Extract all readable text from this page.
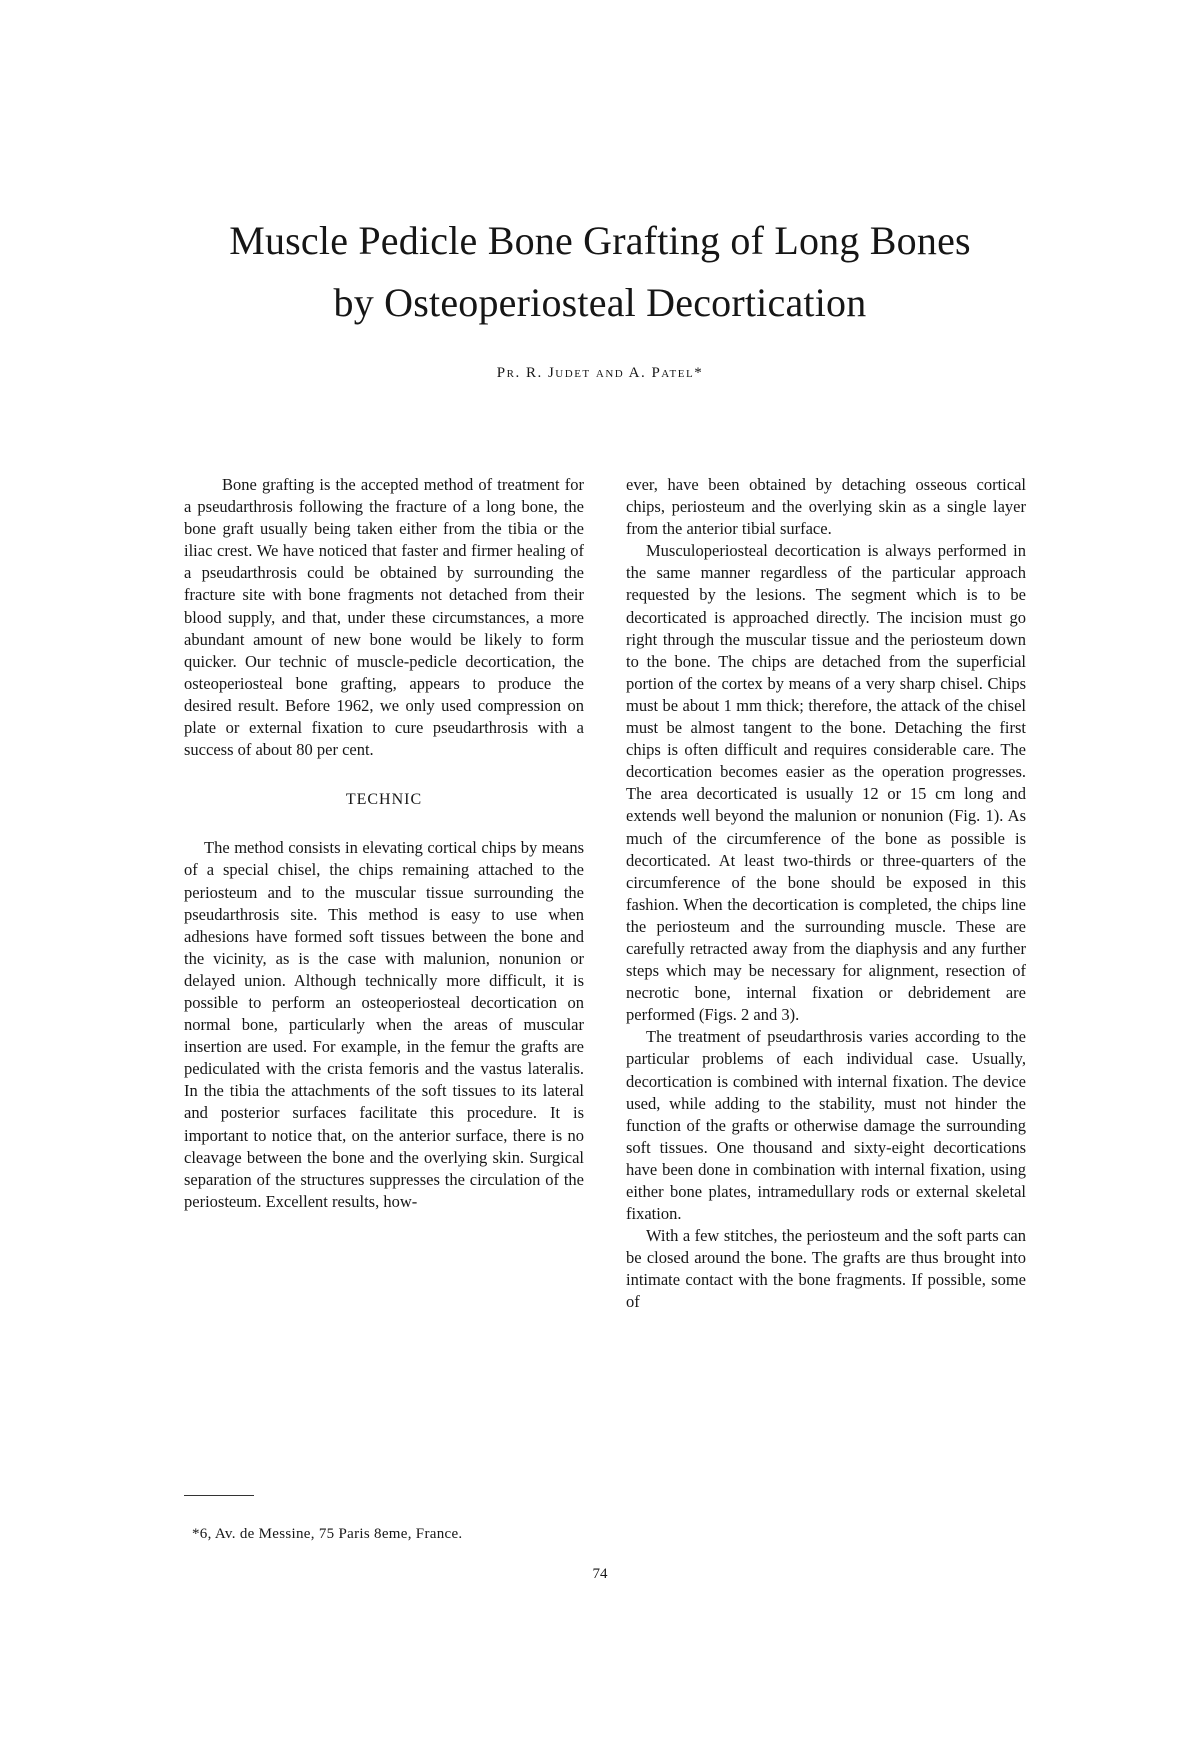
Muscle Pedicle Bone Grafting of Long Bones
by Osteoperiosteal Decortication
Pr. R. Judet and A. Patel*

Bone grafting is the accepted method of treatment for a pseudarthrosis following the fracture of a long bone, the bone graft usually being taken either from the tibia or the iliac crest. We have noticed that faster and firmer healing of a pseudarthrosis could be obtained by surrounding the fracture site with bone fragments not detached from their blood supply, and that, under these circumstances, a more abundant amount of new bone would be likely to form quicker. Our technic of muscle-pedicle decortication, the osteoperiosteal bone grafting, appears to produce the desired result. Before 1962, we only used compression on plate or external fixation to cure pseudarthrosis with a success of about 80 per cent.

TECHNIC

The method consists in elevating cortical chips by means of a special chisel, the chips remaining attached to the periosteum and to the muscular tissue surrounding the pseudarthrosis site. This method is easy to use when adhesions have formed soft tissues between the bone and the vicinity, as is the case with malunion, nonunion or delayed union. Although technically more difficult, it is possible to perform an osteoperiosteal decortication on normal bone, particularly when the areas of muscular insertion are used. For example, in the femur the grafts are pediculated with the crista femoris and the vastus lateralis. In the tibia the attachments of the soft tissues to its lateral and posterior surfaces facilitate this procedure. It is important to notice that, on the anterior surface, there is no cleavage between the bone and the overlying skin. Surgical separation of the structures suppresses the circulation of the periosteum. Excellent results, how-

ever, have been obtained by detaching osseous cortical chips, periosteum and the overlying skin as a single layer from the anterior tibial surface.

Musculoperiosteal decortication is always performed in the same manner regardless of the particular approach requested by the lesions. The segment which is to be decorticated is approached directly. The incision must go right through the muscular tissue and the periosteum down to the bone. The chips are detached from the superficial portion of the cortex by means of a very sharp chisel. Chips must be about 1 mm thick; therefore, the attack of the chisel must be almost tangent to the bone. Detaching the first chips is often difficult and requires considerable care. The decortication becomes easier as the operation progresses. The area decorticated is usually 12 or 15 cm long and extends well beyond the malunion or nonunion (Fig. 1). As much of the circumference of the bone as possible is decorticated. At least two-thirds or three-quarters of the circumference of the bone should be exposed in this fashion. When the decortication is completed, the chips line the periosteum and the surrounding muscle. These are carefully retracted away from the diaphysis and any further steps which may be necessary for alignment, resection of necrotic bone, internal fixation or debridement are performed (Figs. 2 and 3).

The treatment of pseudarthrosis varies according to the particular problems of each individual case. Usually, decortication is combined with internal fixation. The device used, while adding to the stability, must not hinder the function of the grafts or otherwise damage the surrounding soft tissues. One thousand and sixty-eight decortications have been done in combination with internal fixation, using either bone plates, intramedullary rods or external skeletal fixation.

With a few stitches, the periosteum and the soft parts can be closed around the bone. The grafts are thus brought into intimate contact with the bone fragments. If possible, some of

*6, Av. de Messine, 75 Paris 8eme, France.
74
